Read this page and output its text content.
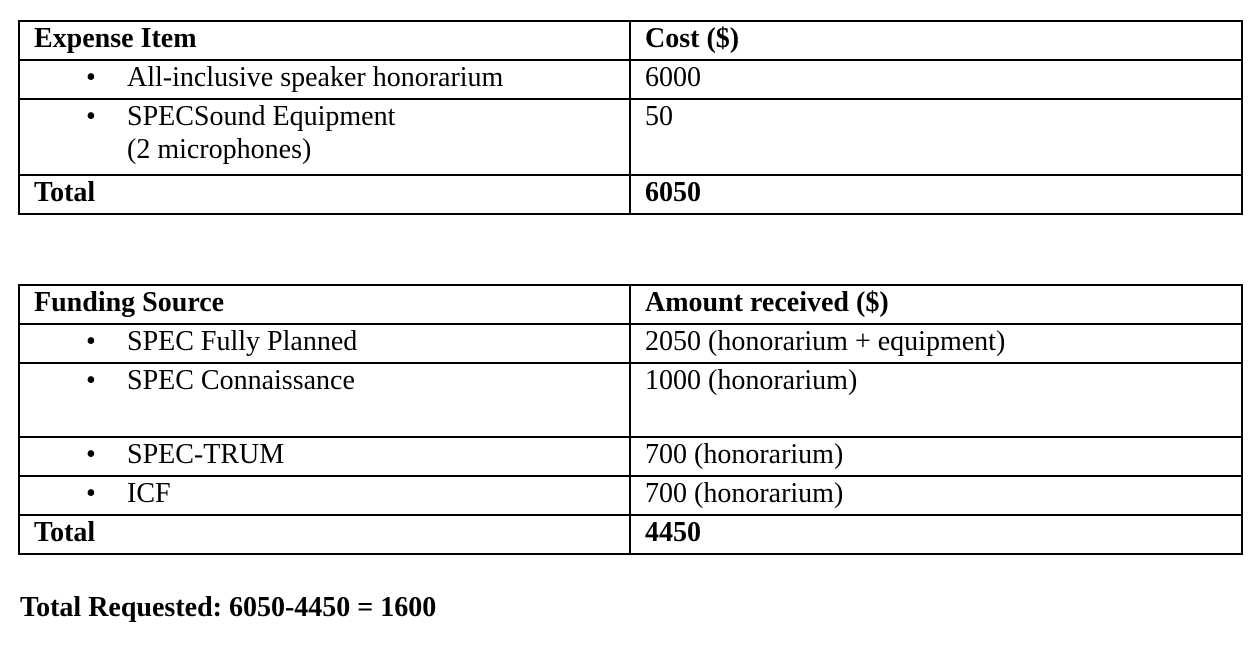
Expense Item	Cost ($)

• All-inclusive speaker honorarium	6000

• SPECSound Equipment
(2 microphones)	50
Total	6050
Funding Source	Amount received ($)

• SPEC Fully Planned	2050 (honorarium + equipment)

• SPEC Connaissance	1000 (honorarium)

• SPEC-TRUM	700 (honorarium)

• ICF	700 (honorarium)
Total	4450
Total Requested: 6050-4450 = 1600
